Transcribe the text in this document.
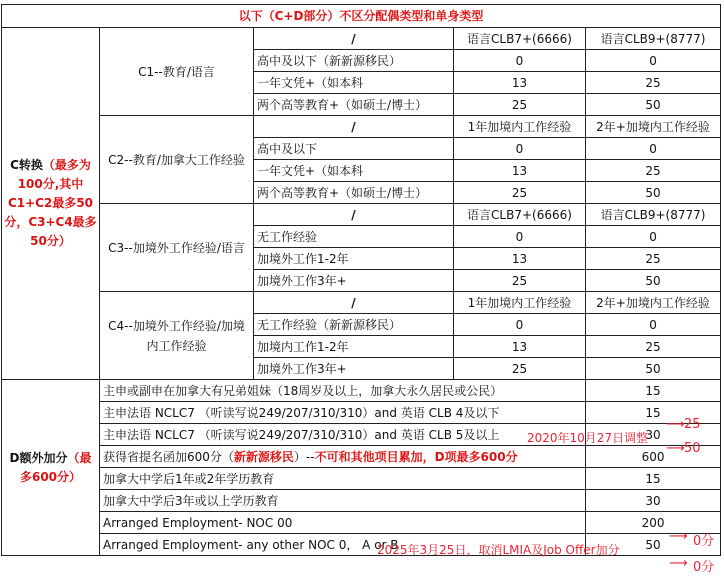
以下（C+D部分）不区分配偶类型和单身类型				
C转换（最多为100分,其中C1+C2最多50分，C3+C4最多50分）	C1--教育/语言	/	语言CLB7+(6666)	语言CLB9+(8777)
		高中及以下（新新源移民）	0	0
		一年文凭+（如本科	13	25
		两个高等教育+（如硕士/博士）	25	50
	C2--教育/加拿大工作经验	/	1年加境内工作经验	2年+加境内工作经验
		高中及以下	0	0
		一年文凭+（如本科	13	25
		两个高等教育+（如硕士/博士）	25	50
	C3--加境外工作经验/语言	/	语言CLB7+(6666)	语言CLB9+(8777)
		无工作经验	0	0
		加境外工作1-2年	13	25
		加境外工作3年+	25	50
	C4--加境外工作经验/加境内工作经验	/	1年加境内工作经验	2年+加境内工作经验
		无工作经验（新新源移民）	0	0
		加境内工作1-2年	13	25
		加境外工作3年+	25	50
D额外加分（最多600分）	主申或副申在加拿大有兄弟姐妹（18周岁及以上，加拿大永久居民或公民）			15
	主申法语 NCLC7 （听读写说249/207/310/310）and 英语 CLB 4及以下			15
	主申法语 NCLC7 （听读写说249/207/310/310）and 英语 CLB 5及以上			30
	获得省提名函加600分（新新源移民）--不可和其他项目累加，D项最多600分			600
	加拿大中学后1年或2年学历教育			15
	加拿大中学后3年或以上学历教育			30
	Arranged Employment- NOC 00			200
	Arranged Employment- any other NOC 0， A or B			50
2020年10月27日调整
⟶ 25
⟶ 50
2025年3月25日，取消LMIA及Job Offer加分
⟶ 0分
⟶ 0分
